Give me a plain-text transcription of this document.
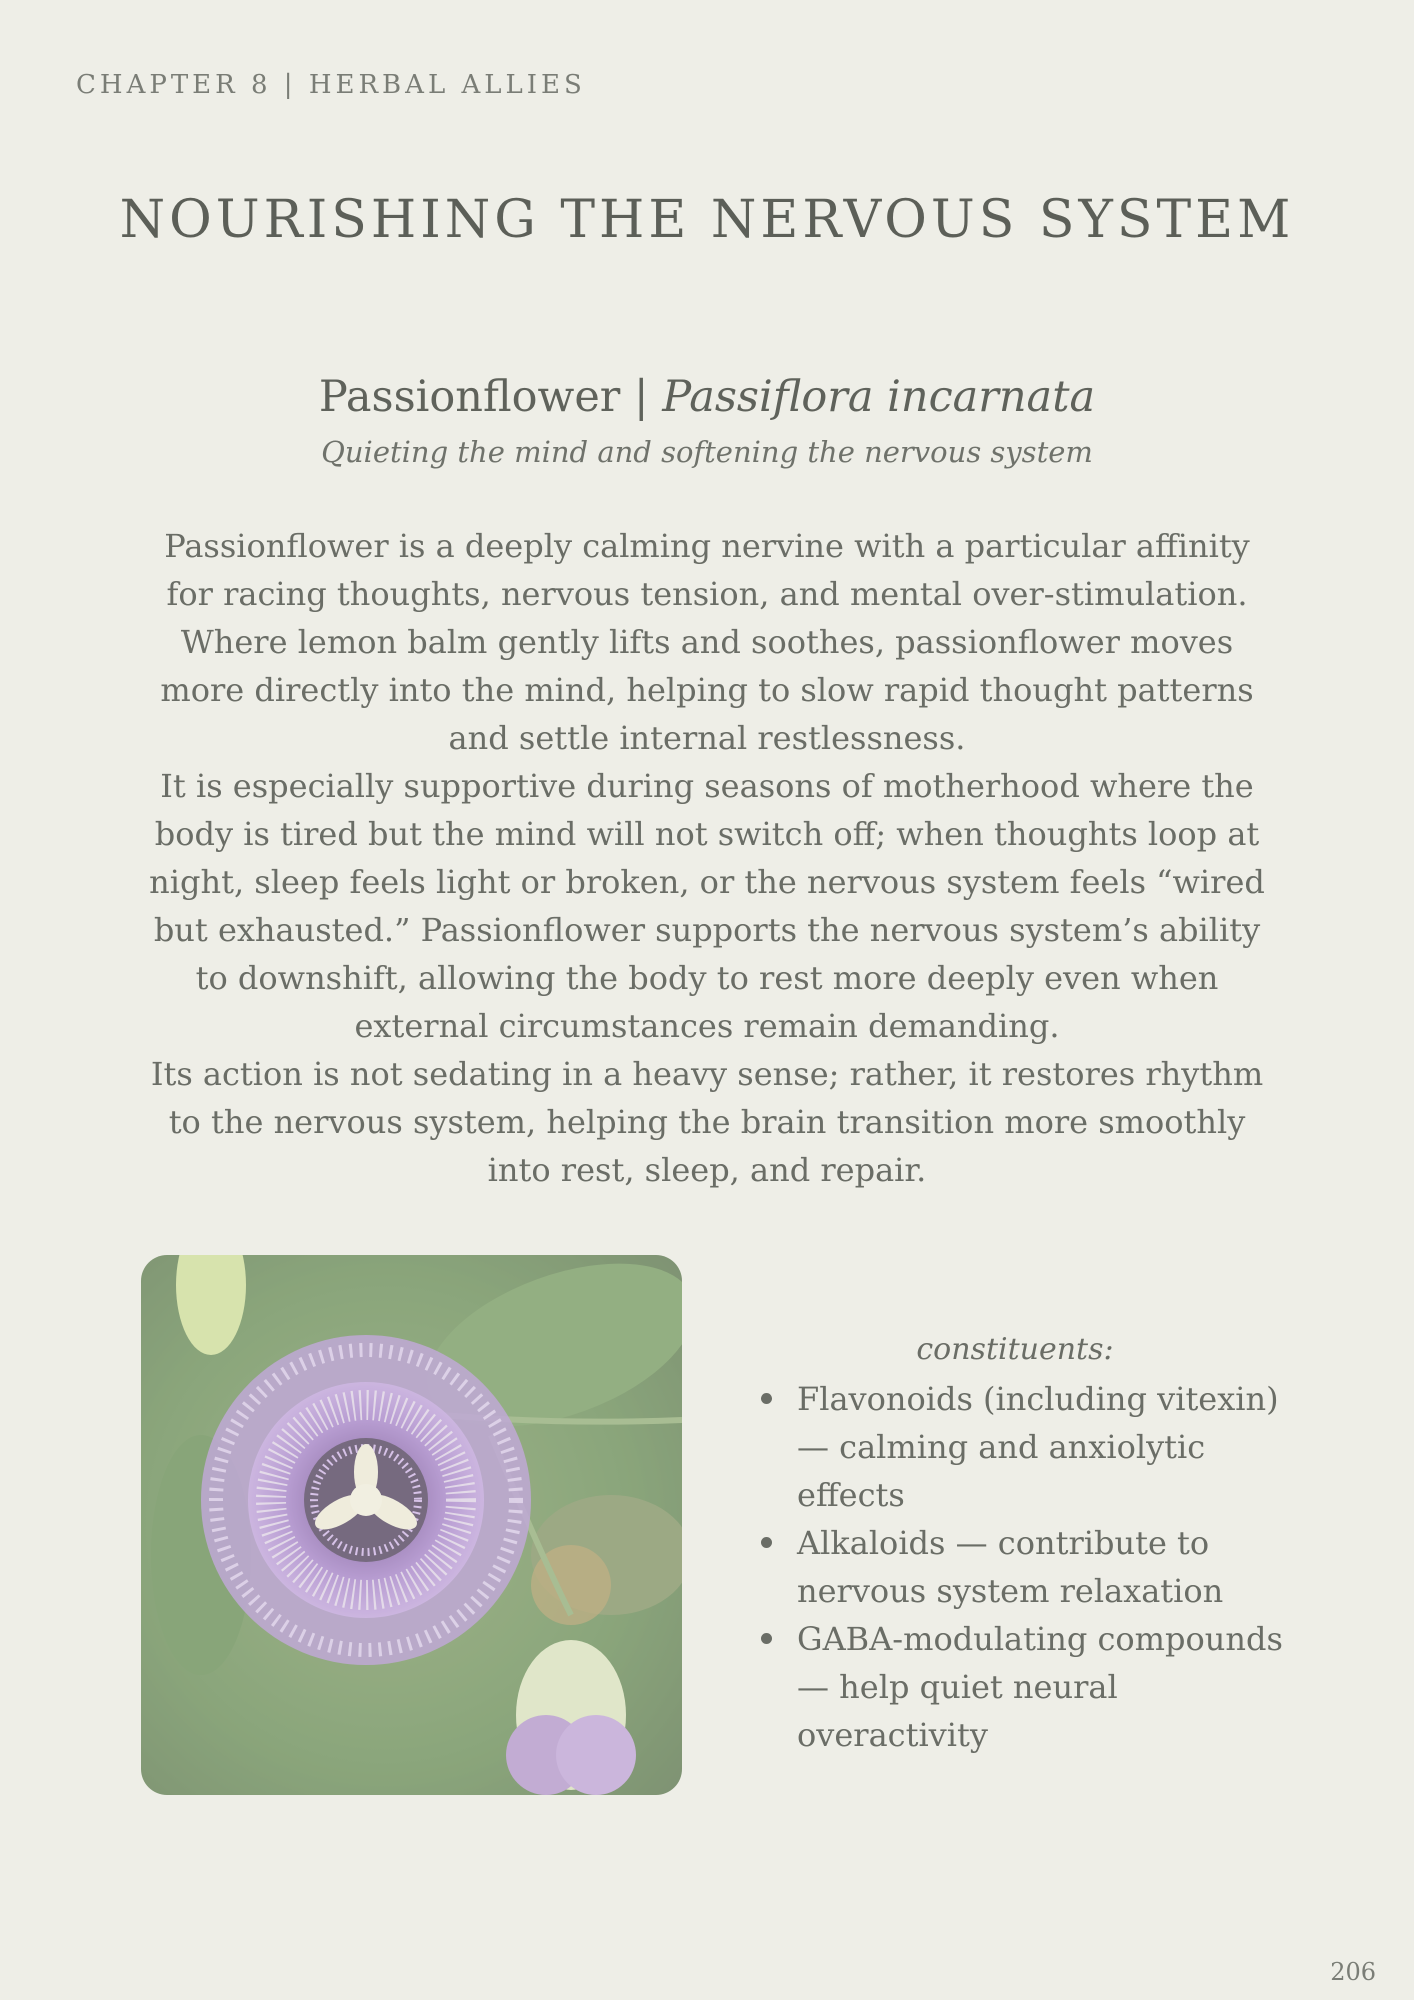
CHAPTER 8 | HERBAL ALLIES
NOURISHING THE NERVOUS SYSTEM
Passionflower | Passiflora incarnata
Quieting the mind and softening the nervous system

Passionflower is a deeply calming nervine with a particular affinity for racing thoughts, nervous tension, and mental over-stimulation. Where lemon balm gently lifts and soothes, passionflower moves more directly into the mind, helping to slow rapid thought patterns and settle internal restlessness.

It is especially supportive during seasons of motherhood where the body is tired but the mind will not switch off; when thoughts loop at night, sleep feels light or broken, or the nervous system feels “wired but exhausted.” Passionflower supports the nervous system’s ability to downshift, allowing the body to rest more deeply even when external circumstances remain demanding.

Its action is not sedating in a heavy sense; rather, it restores rhythm to the nervous system, helping the brain transition more smoothly into rest, sleep, and repair.

constituents:
Flavonoids (including vitexin) — calming and anxiolytic effects
Alkaloids — contribute to nervous system relaxation
GABA-modulating compounds — help quiet neural overactivity
206
